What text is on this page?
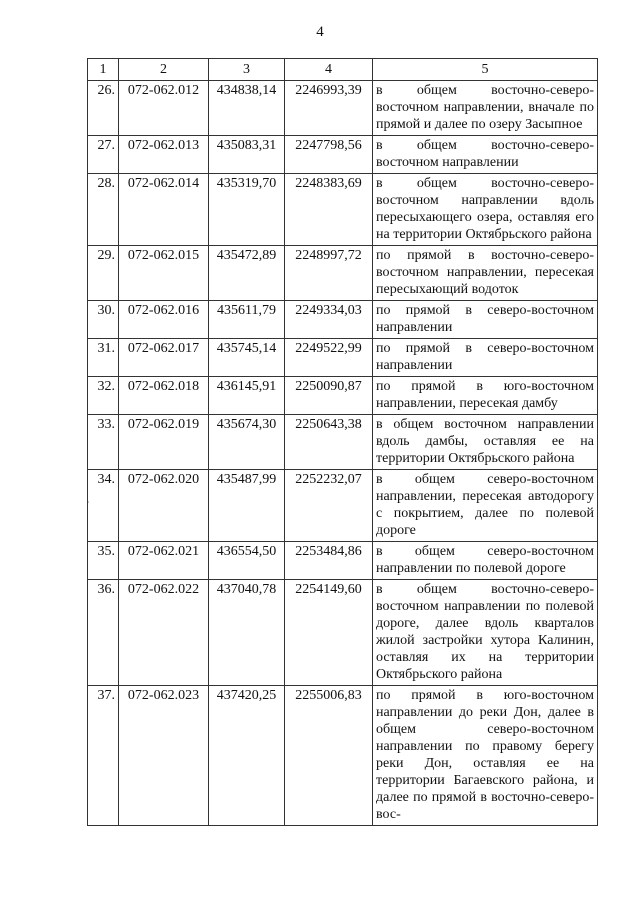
4
1	2	3	4	5
26.	072-062.012	434838,14	2246993,39	в общем восточно-северо-восточном направлении, вначале по прямой и далее по озеру Засыпное
27.	072-062.013	435083,31	2247798,56	в общем восточно-северо-восточном направлении
28.	072-062.014	435319,70	2248383,69	в общем восточно-северо-восточном направлении вдоль пересыхающего озера, оставляя его на территории Октябрьского района
29.	072-062.015	435472,89	2248997,72	по прямой в восточно-северо-восточном направлении, пересекая пересыхающий водоток
30.	072-062.016	435611,79	2249334,03	по прямой в северо-восточном направлении
31.	072-062.017	435745,14	2249522,99	по прямой в северо-восточном направлении
32.	072-062.018	436145,91	2250090,87	по прямой в юго-восточном направлении, пересекая дамбу
33.	072-062.019	435674,30	2250643,38	в общем восточном направлении вдоль дамбы, оставляя ее на территории Октябрьского района
34.	072-062.020	435487,99	2252232,07	в общем северо-восточном направлении, пересекая автодорогу с покрытием, далее по полевой дороге
35.	072-062.021	436554,50	2253484,86	в общем северо-восточном направлении по полевой дороге
36.	072-062.022	437040,78	2254149,60	в общем восточно-северо-восточном направлении по полевой дороге, далее вдоль кварталов жилой застройки хутора Калинин, оставляя их на территории Октябрьского района
37.	072-062.023	437420,25	2255006,83	по прямой в юго-восточном направлении до реки Дон, далее в общем северо-восточном направлении по правому берегу реки Дон, оставляя ее на территории Багаевского района, и далее по прямой в восточно-северо-вос-
·
